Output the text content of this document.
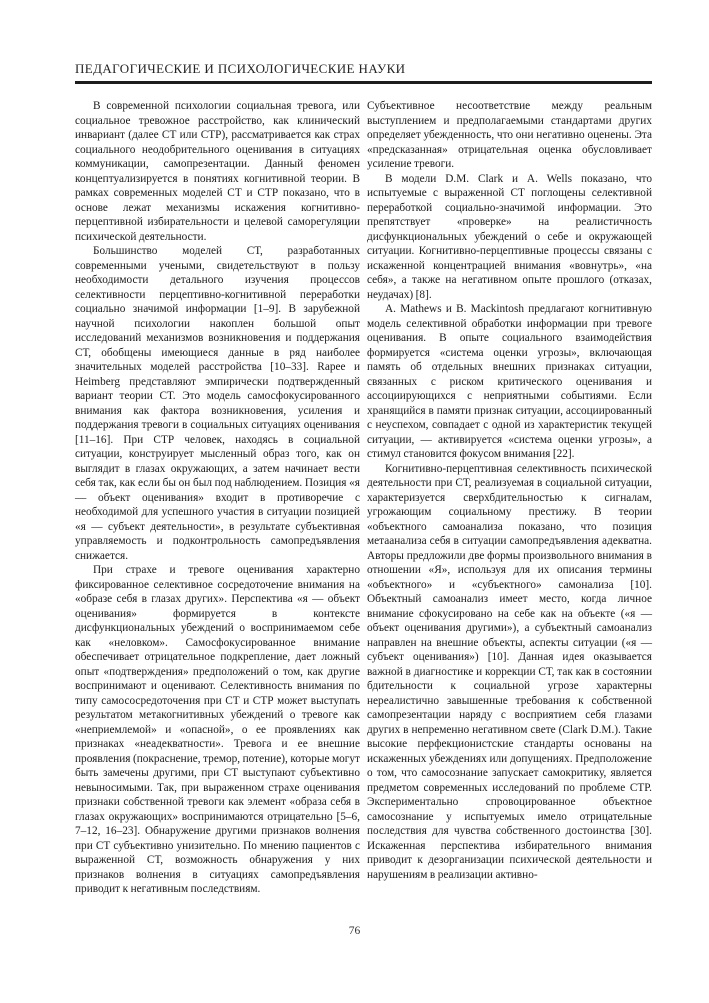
ПЕДАГОГИЧЕСКИЕ И ПСИХОЛОГИЧЕСКИЕ НАУКИ

В современной психологии социальная тревога, или социальное тревожное расстройство, как клинический инвариант (далее СТ или СТР), рассматривается как страх социального неодобрительного оценивания в ситуациях коммуникации, самопрезентации. Данный феномен концептуализируется в понятиях когнитивной теории. В рамках современных моделей СТ и СТР показано, что в основе лежат механизмы искажения когнитивно-перцептивной избирательности и целевой саморегуляции психической деятельности.

Большинство моделей СТ, разработанных современными учеными, свидетельствуют в пользу необходимости детального изучения процессов селективности перцептивно-когнитивной переработки социально значимой информации [1–9]. В зарубежной научной психологии накоплен большой опыт исследований механизмов возникновения и поддержания СТ, обобщены имеющиеся данные в ряд наиболее значительных моделей расстройства [10–33]. Rapee и Heimberg представляют эмпирически подтвержденный вариант теории СТ. Это модель самосфокусированного внимания как фактора возникновения, усиления и поддержания тревоги в социальных ситуациях оценивания [11–16]. При СТР человек, находясь в социальной ситуации, конструирует мысленный образ того, как он выглядит в глазах окружающих, а затем начинает вести себя так, как если бы он был под наблюдением. Позиция «я — объект оценивания» входит в противоречие с необходимой для успешного участия в ситуации позицией «я — субъект деятельности», в результате субъективная управляемость и подконтрольность самопредъявления снижается.

При страхе и тревоге оценивания характерно фиксированное селективное сосредоточение внимания на «образе себя в глазах других». Перспектива «я — объект оценивания» формируется в контексте дисфункциональных убеждений о воспринимаемом себе как «неловком». Самосфокусированное внимание обеспечивает отрицательное подкрепление, дает ложный опыт «подтверждения» предположений о том, как другие воспринимают и оценивают. Селективность внимания по типу самососредоточения при СТ и СТР может выступать результатом метакогнитивных убеждений о тревоге как «неприемлемой» и «опасной», о ее проявлениях как признаках «неадекватности». Тревога и ее внешние проявления (покраснение, тремор, потение), которые могут быть замечены другими, при СТ выступают субъективно невыносимыми. Так, при выраженном страхе оценивания признаки собственной тревоги как элемент «образа себя в глазах окружающих» воспринимаются отрицательно [5–6, 7–12, 16–23]. Обнаружение другими признаков волнения при СТ субъективно унизительно. По мнению пациентов с выраженной СТ, возможность обнаружения у них признаков волнения в ситуациях самопредъявления приводит к негативным последствиям.

Субъективное несоответствие между реальным выступлением и предполагаемыми стандартами других определяет убежденность, что они негативно оценены. Эта «предсказанная» отрицательная оценка обусловливает усиление тревоги.

В модели D.M. Clark и A. Wells показано, что испытуемые с выраженной СТ поглощены селективной переработкой социально-значимой информации. Это препятствует «проверке» на реалистичность дисфункциональных убеждений о себе и окружающей ситуации. Когнитивно-перцептивные процессы связаны с искаженной концентрацией внимания «вовнутрь», «на себя», а также на негативном опыте прошлого (отказах, неудачах) [8].

A. Mathews и B. Mackintosh предлагают когнитивную модель селективной обработки информации при тревоге оценивания. В опыте социального взаимодействия формируется «система оценки угрозы», включающая память об отдельных внешних признаках ситуации, связанных с риском критического оценивания и ассоциирующихся с неприятными событиями. Если хранящийся в памяти признак ситуации, ассоциированный с неуспехом, совпадает с одной из характеристик текущей ситуации, — активируется «система оценки угрозы», а стимул становится фокусом внимания [22].

Когнитивно-перцептивная селективность психической деятельности при СТ, реализуемая в социальной ситуации, характеризуется сверхбдительностью к сигналам, угрожающим социальному престижу. В теории «объектного самоанализа показано, что позиция метаанализа себя в ситуации самопредъявления адекватна. Авторы предложили две формы произвольного внимания в отношении «Я», используя для их описания термины «объектного» и «субъектного» самонализа [10]. Объектный самоанализ имеет место, когда личное внимание сфокусировано на себе как на объекте («я — объект оценивания другими»), а субъектный самоанализ направлен на внешние объекты, аспекты ситуации («я — субъект оценивания») [10]. Данная идея оказывается важной в диагностике и коррекции СТ, так как в состоянии бдительности к социальной угрозе характерны нереалистично завышенные требования к собственной самопрезентации наряду с восприятием себя глазами других в непременно негативном свете (Clark D.M.). Такие высокие перфекционистские стандарты основаны на искаженных убеждениях или допущениях. Предположение о том, что самосознание запускает самокритику, является предметом современных исследований по проблеме СТР. Экспериментально спровоцированное объектное самосознание у испытуемых имело отрицательные последствия для чувства собственного достоинства [30]. Искаженная перспектива избирательного внимания приводит к дезорганизации психической деятельности и нарушениям в реализации активно-

76
